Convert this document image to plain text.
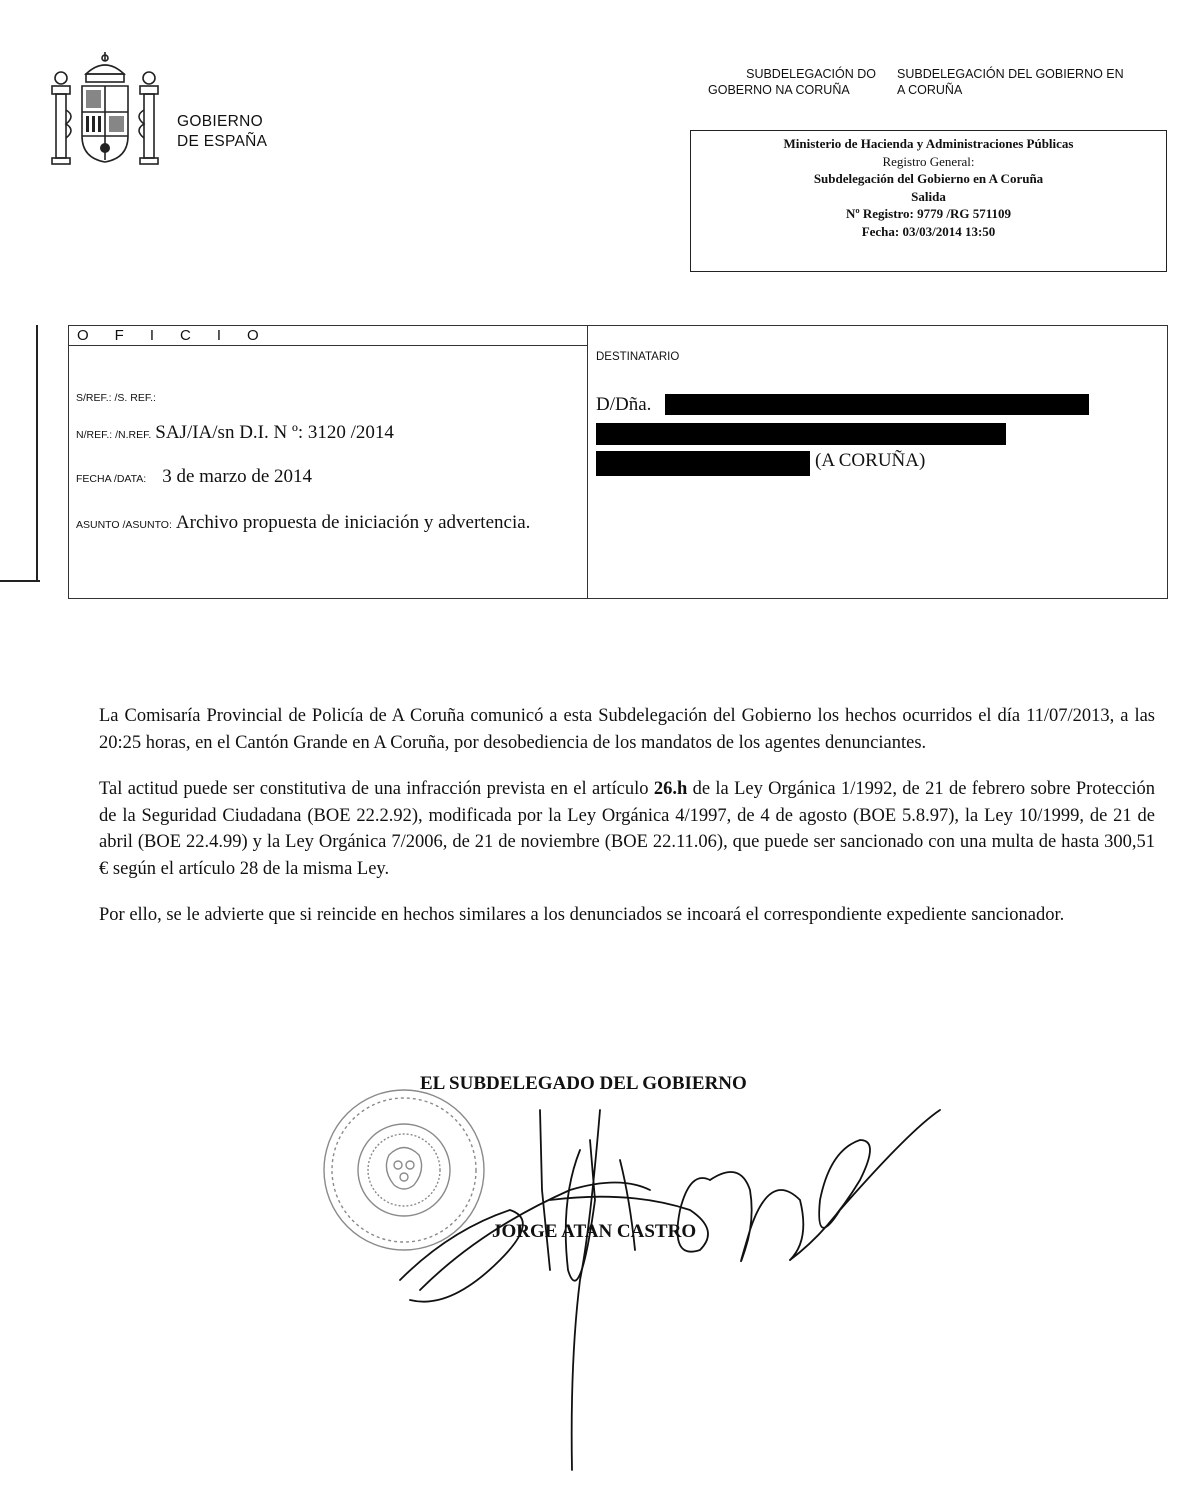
GOBIERNO
DE ESPAÑA
SUBDELEGACIÓN DO
GOBERNO NA CORUÑA
SUBDELEGACIÓN DEL GOBIERNO EN
A CORUÑA
Ministerio de Hacienda y Administraciones Públicas
Registro General:
Subdelegación del Gobierno en A Coruña
Salida
Nº Registro: 9779 /RG 571109
Fecha: 03/03/2014 13:50
OFICIO
S/REF.: /S. REF.:
N/REF.: /N.REF. SAJ/IA/sn D.I. N º: 3120 /2014
FECHA /DATA: 3 de marzo de 2014
ASUNTO /ASUNTO: Archivo propuesta de iniciación y advertencia.
DESTINATARIO
D/Dña.
(A CORUÑA)

La Comisaría Provincial de Policía de A Coruña comunicó a esta Subdelegación del Gobierno los hechos ocurridos el día 11/07/2013, a las 20:25 horas, en el Cantón Grande en A Coruña, por desobediencia de los mandatos de los agentes denunciantes.

Tal actitud puede ser constitutiva de una infracción prevista en el artículo 26.h de la Ley Orgánica 1/1992, de 21 de febrero sobre Protección de la Seguridad Ciudadana (BOE 22.2.92), modificada por la Ley Orgánica 4/1997, de 4 de agosto (BOE 5.8.97), la Ley 10/1999, de 21 de abril (BOE 22.4.99) y la Ley Orgánica 7/2006, de 21 de noviembre (BOE 22.11.06), que puede ser sancionado con una multa de hasta 300,51 € según el artículo 28 de la misma Ley.

Por ello, se le advierte que si reincide en hechos similares a los denunciados se incoará el correspondiente expediente sancionador.

EL SUBDELEGADO DEL GOBIERNO
JORGE ATAN CASTRO
